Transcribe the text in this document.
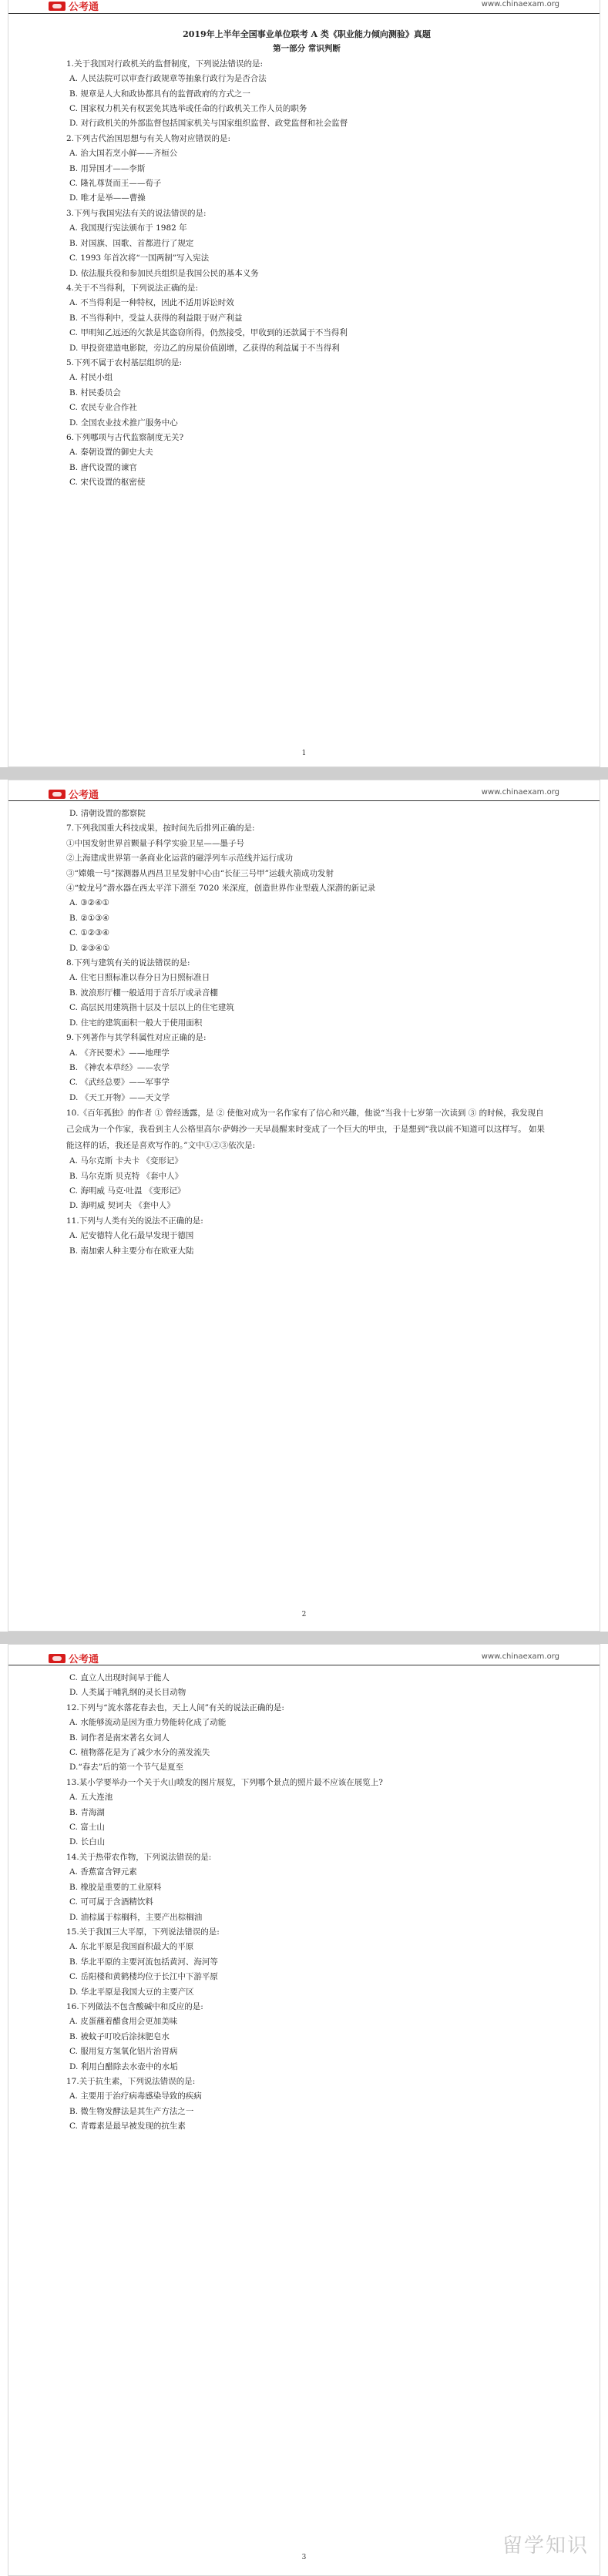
公考通	www.chinaexam.org
2019年上半年全国事业单位联考 A 类《职业能力倾向测验》真题
第一部分 常识判断
1.关于我国对行政机关的监督制度，下列说法错误的是:
A. 人民法院可以审查行政规章等抽象行政行为是否合法
B. 规章是人大和政协都具有的监督政府的方式之一
C. 国家权力机关有权罢免其选举或任命的行政机关工作人员的职务
D. 对行政机关的外部监督包括国家机关与国家组织监督、政党监督和社会监督
2.下列古代治国思想与有关人物对应错误的是:
A. 治大国若烹小鲜——齐桓公
B. 用异国才——李斯
C. 隆礼尊贤而王——荀子
D. 唯才是举——曹操
3.下列与我国宪法有关的说法错误的是:
A. 我国现行宪法颁布于 1982 年
B. 对国旗、国歌、首都进行了规定
C. 1993 年首次将“一国两制”写入宪法
D. 依法服兵役和参加民兵组织是我国公民的基本义务
4.关于不当得利，下列说法正确的是:
A. 不当得利是一种特权，因此不适用诉讼时效
B. 不当得利中，受益人获得的利益限于财产利益
C. 甲明知乙远还的欠款是其盗窃所得，仍然接受，甲收到的还款属于不当得利
D. 甲投资建造电影院，旁边乙的房屋价值剧增，乙获得的利益属于不当得利
5.下列不属于农村基层组织的是:
A. 村民小组
B. 村民委员会
C. 农民专业合作社
D. 全国农业技术推广服务中心
6.下列哪项与古代监察制度无关?
A. 秦朝设置的御史大夫
B. 唐代设置的谏官
C. 宋代设置的枢密使
1
公考通	www.chinaexam.org
D. 清朝设置的都察院
7.下列我国重大科技成果，按时间先后排列正确的是:
①中国发射世界首颗量子科学实验卫星——墨子号
②上海建成世界第一条商业化运营的磁浮列车示范线并运行成功
③“嫦娥一号”探测器从西昌卫星发射中心由“长征三号甲”运载火箭成功发射
④“蛟龙号”潜水器在西太平洋下潜至 7020 米深度，创造世界作业型载人深潜的新记录
A. ③②④①
B. ②①③④
C. ①②③④
D. ②③④①
8.下列与建筑有关的说法错误的是:
A. 住宅日照标准以春分日为日照标准日
B. 波浪形厅棚一般适用于音乐厅或录音棚
C. 高层民用建筑指十层及十层以上的住宅建筑
D. 住宅的建筑面积一般大于使用面积
9.下列著作与其学科属性对应正确的是:
A. 《齐民要术》——地理学
B. 《神农本草经》——农学
C. 《武经总要》——军事学
D. 《天工开物》——天文学
10.《百年孤独》的作者 ① 曾经透露，是 ② 使他对成为一名作家有了信心和兴趣，他说“当我十七岁第一次读到 ③ 的时候，我发现自己会成为一个作家，我看到主人公格里高尔·萨姆沙一天早晨醒来时变成了一个巨大的甲虫，于是想到“我以前不知道可以这样写。 如果能这样的话，我还是喜欢写作的。”文中①②③依次是:
A. 马尔克斯 卡夫卡 《变形记》
B. 马尔克斯 贝克特 《套中人》
C. 海明威 马克·吐温 《变形记》
D. 海明威 契诃夫 《套中人》
11.下列与人类有关的说法不正确的是:
A. 尼安德特人化石最早发现于德国
B. 南加索人种主要分布在欧亚大陆
2
公考通	www.chinaexam.org
C. 直立人出现时间早于能人
D. 人类属于哺乳纲的灵长目动物
12.下列与“流水落花春去也，天上人间”有关的说法正确的是:
A. 水能够流动是因为重力势能转化成了动能
B. 词作者是南宋著名女词人
C. 植物落花是为了减少水分的蒸发流失
D.“春去”后的第一个节气是夏至
13.某小学要举办一个关于火山喷发的图片展览，下列哪个景点的照片最不应该在展览上?
A. 五大连池
B. 青海湖
C. 富士山
D. 长白山
14.关于热带农作物，下列说法错误的是:
A. 香蕉富含钾元素
B. 橡胶是重要的工业原料
C. 可可属于含酒精饮料
D. 油棕属于棕榈科，主要产出棕榈油
15.关于我国三大平原，下列说法错误的是:
A. 东北平原是我国面积最大的平原
B. 华北平原的主要河流包括黄河、海河等
C. 岳阳楼和黄鹤楼均位于长江中下游平原
D. 华北平原是我国大豆的主要产区
16.下列做法不包含酸碱中和反应的是:
A. 皮蛋蘸着醋食用会更加美味
B. 被蚊子叮咬后涂抹肥皂水
C. 服用复方氢氧化铝片治胃病
D. 利用白醋除去水壶中的水垢
17.关于抗生素，下列说法错误的是:
A. 主要用于治疗病毒感染导致的疾病
B. 微生物发酵法是其生产方法之一
C. 青霉素是最早被发现的抗生素
3	留学知识
